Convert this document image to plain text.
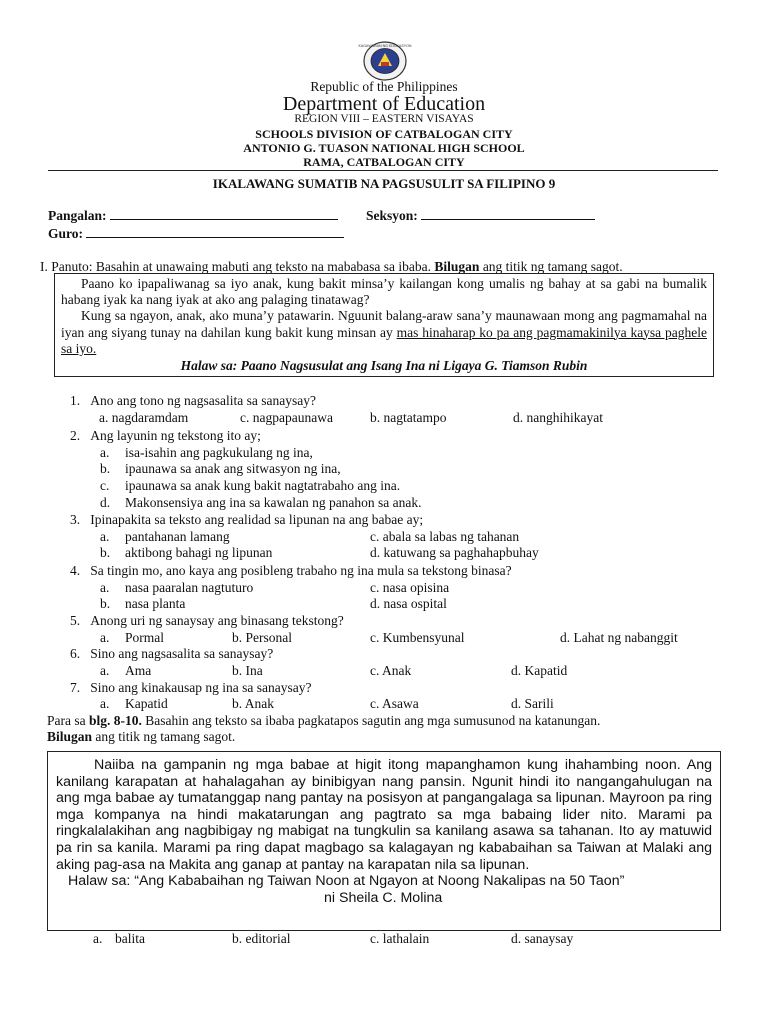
KAGAWARAN NG EDUKASYON
Republic of the Philippines
Department of Education
REGION VIII – EASTERN VISAYAS
SCHOOLS DIVISION OF CATBALOGAN CITY
ANTONIO G. TUASON NATIONAL HIGH SCHOOL
RAMA, CATBALOGAN CITY
IKALAWANG SUMATIB NA PAGSUSULIT SA FILIPINO 9
Pangalan:	Seksyon:
Guro:
I. Panuto: Basahin at unawaing mabuti ang teksto na mababasa sa ibaba. Bilugan ang titik ng tamang sagot.
Paano ko ipapaliwanag sa iyo anak, kung bakit minsa’y kailangan kong umalis ng bahay at sa gabi na bumalik habang iyak ka nang iyak at ako ang palaging tinatawag?
Kung sa ngayon, anak, ako muna’y patawarin. Nguunit balang-araw sana’y maunawaan mong ang pagmamahal na iyan ang siyang tunay na dahilan kung bakit kung minsan ay mas hinaharap ko pa ang pagmamakinilya kaysa paghele sa iyo.
Halaw sa: Paano Nagsusulat ang Isang Ina ni Ligaya G. Tiamson Rubin
1. Ano ang tono ng nagsasalita sa sanaysay?
a. nagdaramdam	c. nagpapaunawa	b. nagtatampo	d. nanghihikayat
2. Ang layunin ng tekstong ito ay;
a. isa-isahin ang pagkukulang ng ina,
b. ipaunawa sa anak ang sitwasyon ng ina,
c. ipaunawa sa anak kung bakit nagtatrabaho ang ina.
d. Makonsensiya ang ina sa kawalan ng panahon sa anak.
3. Ipinapakita sa teksto ang realidad sa lipunan na ang babae ay;
a. pantahanan lamang	c. abala sa labas ng tahanan
b. aktibong bahagi ng lipunan	d. katuwang sa paghahapbuhay
4. Sa tingin mo, ano kaya ang posibleng trabaho ng ina mula sa tekstong binasa?
a. nasa paaralan nagtuturo	c. nasa opisina
b. nasa planta	d. nasa ospital
5. Anong uri ng sanaysay ang binasang tekstong?
a. Pormal	b. Personal	c. Kumbensyunal	d. Lahat ng nabanggit
6. Sino ang nagsasalita sa sanaysay?
a. Ama	b. Ina	c. Anak	d. Kapatid
7. Sino ang kinakausap ng ina sa sanaysay?
a. Kapatid	b. Anak	c. Asawa	d. Sarili
Para sa blg. 8-10. Basahin ang teksto sa ibaba pagkatapos sagutin ang mga sumusunod na katanungan.
Bilugan ang titik ng tamang sagot.
Naiiba na gampanin ng mga babae at higit itong mapanghamon kung ihahambing noon. Ang kanilang karapatan at hahalagahan ay binibigyan nang pansin. Ngunit hindi ito nangangahulugan na ang mga babae ay tumatanggap nang pantay na posisyon at pangangalaga sa lipunan. Mayroon pa ring mga kompanya na hindi makatarungan ang pagtrato sa mga babaing lider nito. Marami pa ringkalalakihan ang nagbibigay ng mabigat na tungkulin sa kanilang asawa sa tahanan. Ito ay matuwid pa rin sa kanila. Marami pa ring dapat magbago sa kalagayan ng kababaihan sa Taiwan at Malaki ang aking pag-asa na Makita ang ganap at pantay na karapatan nila sa lipunan.
Halaw sa: “Ang Kababaihan ng Taiwan Noon at Ngayon at Noong Nakalipas na 50 Taon”
ni Sheila C. Molina
a. balita	b. editorial	c. lathalain	d. sanaysay
